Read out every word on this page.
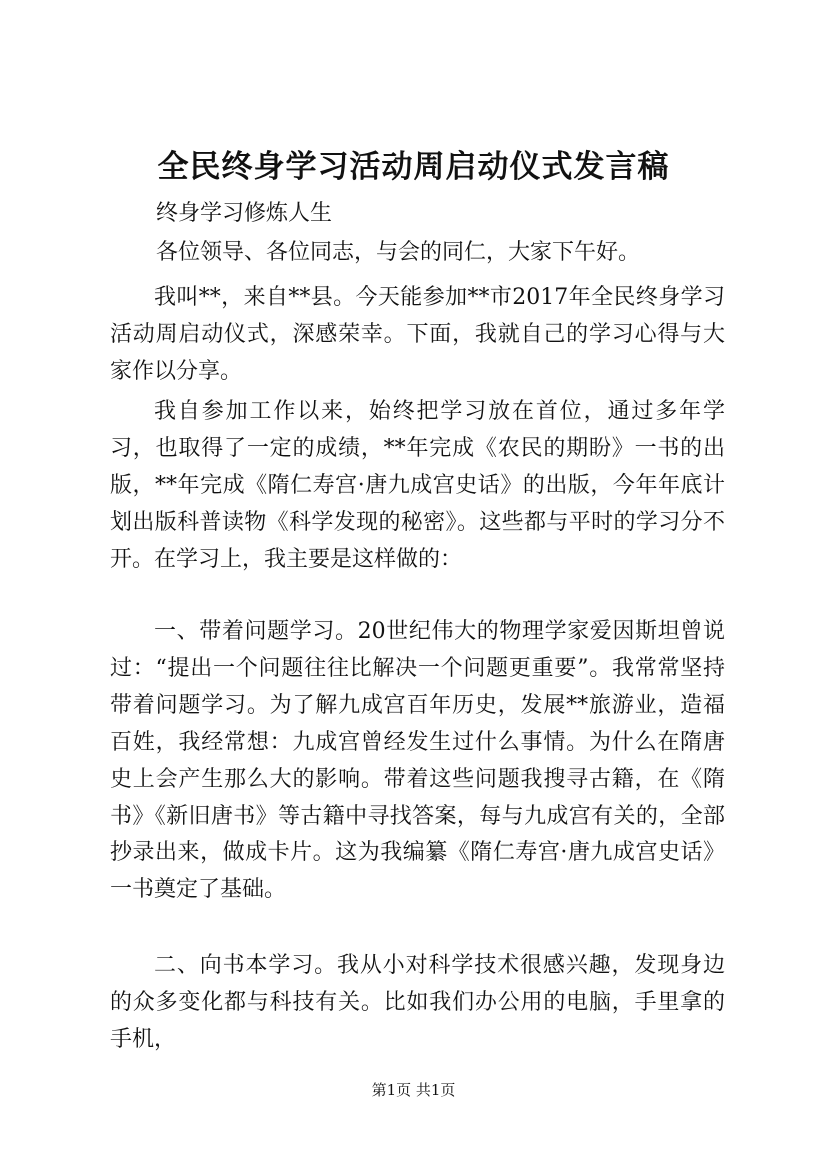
全民终身学习活动周启动仪式发言稿
终身学习修炼人生
各位领导、各位同志，与会的同仁，大家下午好。

我叫**，来自**县。今天能参加**市2017年全民终身学习活动周启动仪式，深感荣幸。下面，我就自己的学习心得与大家作以分享。

我自参加工作以来，始终把学习放在首位，通过多年学习，也取得了一定的成绩，**年完成《农民的期盼》一书的出版，**年完成《隋仁寿宫·唐九成宫史话》的出版，今年年底计划出版科普读物《科学发现的秘密》。这些都与平时的学习分不开。在学习上，我主要是这样做的：

一、带着问题学习。20世纪伟大的物理学家爱因斯坦曾说过：“提出一个问题往往比解决一个问题更重要”。我常常坚持带着问题学习。为了解九成宫百年历史，发展**旅游业，造福百姓，我经常想：九成宫曾经发生过什么事情。为什么在隋唐史上会产生那么大的影响。带着这些问题我搜寻古籍，在《隋书》《新旧唐书》等古籍中寻找答案，每与九成宫有关的，全部抄录出来，做成卡片。这为我编纂《隋仁寿宫·唐九成宫史话》一书奠定了基础。

二、向书本学习。我从小对科学技术很感兴趣，发现身边的众多变化都与科技有关。比如我们办公用的电脑，手里拿的手机，

第1页 共1页
